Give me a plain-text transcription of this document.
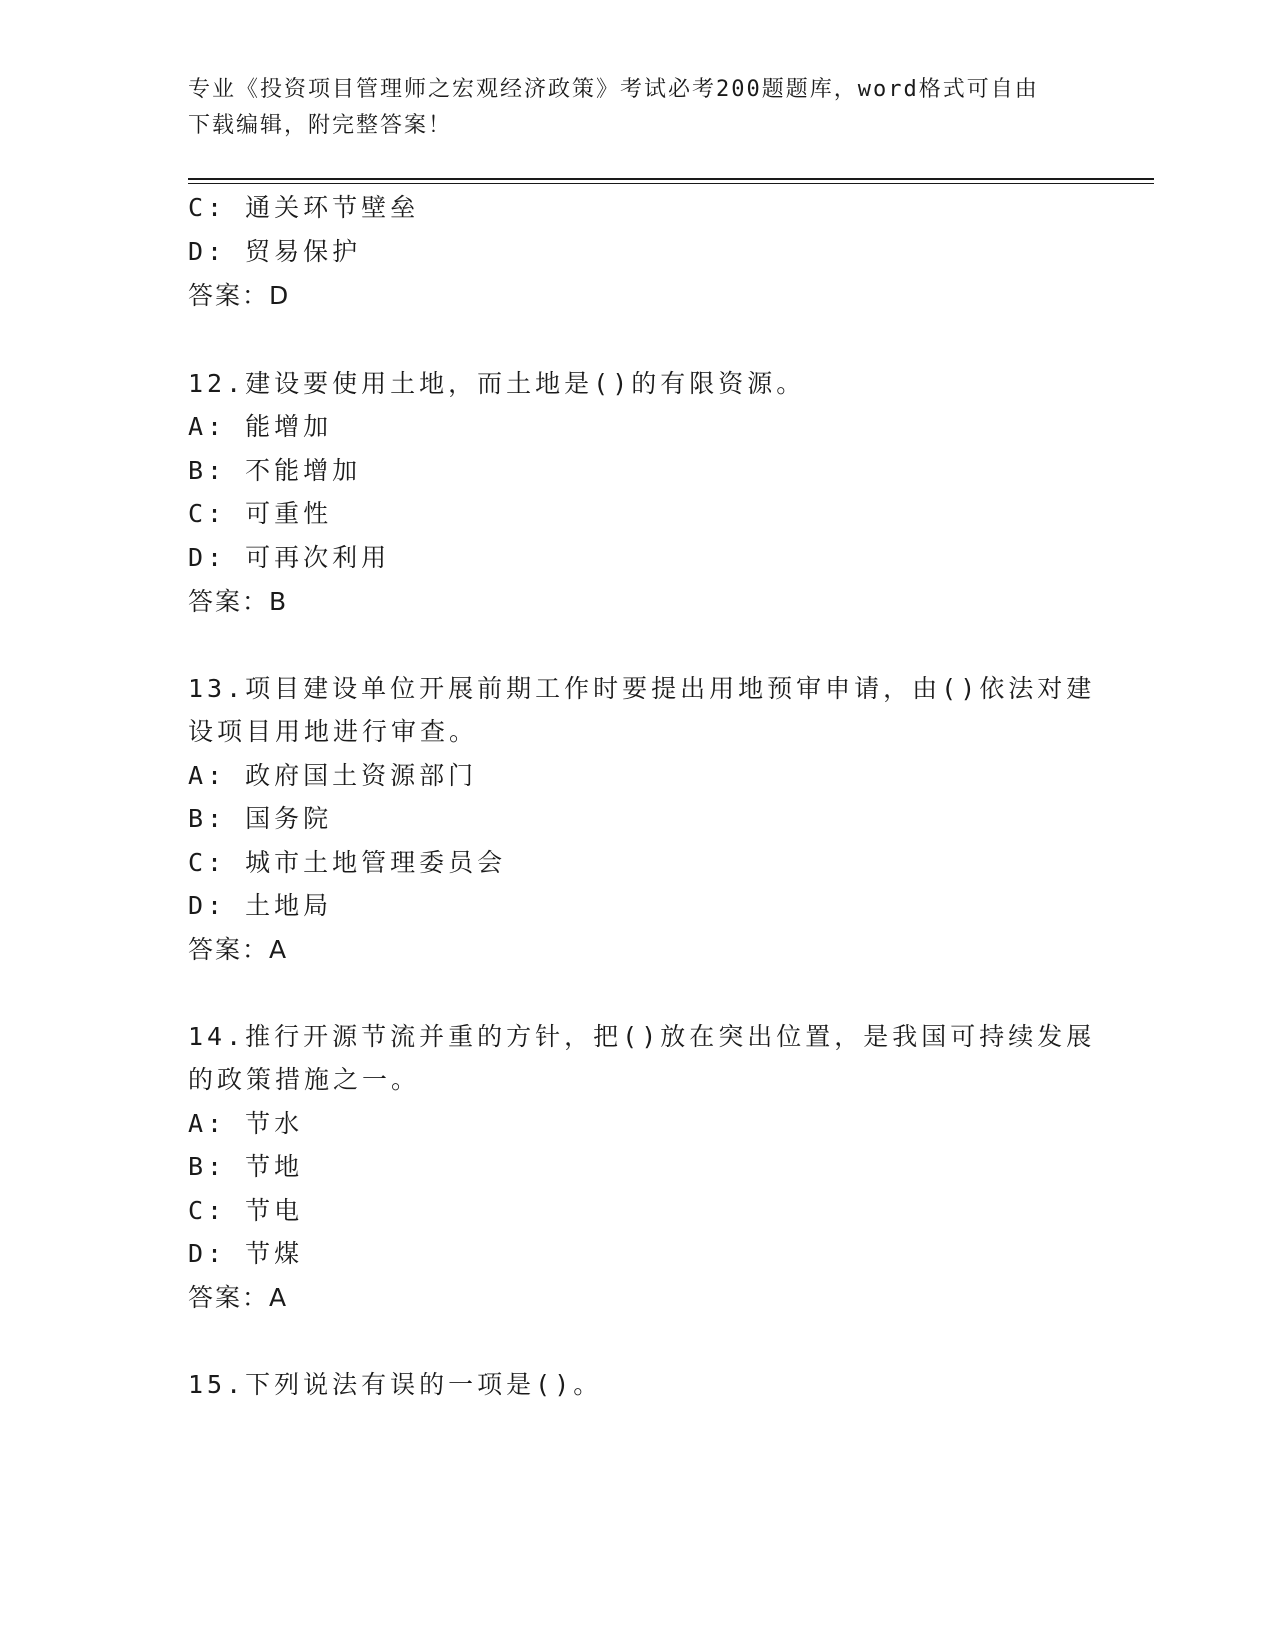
专业《投资项目管理师之宏观经济政策》考试必考200题题库，word格式可自由
下载编辑，附完整答案！
C: 通关环节壁垒
D: 贸易保护
答案：D
12.建设要使用土地，而土地是()的有限资源。
A: 能增加
B: 不能增加
C: 可重性
D: 可再次利用
答案：B
13.项目建设单位开展前期工作时要提出用地预审申请，由()依法对建
设项目用地进行审查。
A: 政府国土资源部门
B: 国务院
C: 城市土地管理委员会
D: 土地局
答案：A
14.推行开源节流并重的方针，把()放在突出位置，是我国可持续发展
的政策措施之一。
A: 节水
B: 节地
C: 节电
D: 节煤
答案：A
15.下列说法有误的一项是()。
